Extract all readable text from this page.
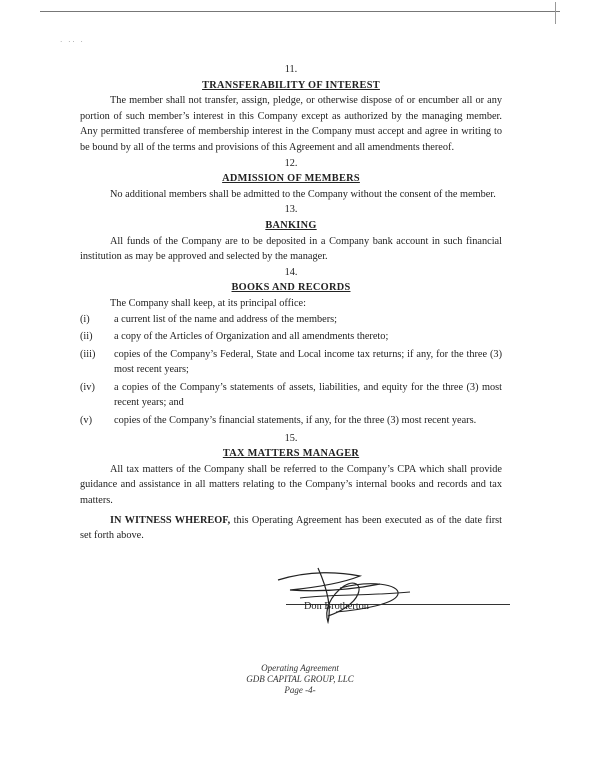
· ·· ·
11.
TRANSFERABILITY OF INTEREST

The member shall not transfer, assign, pledge, or otherwise dispose of or encumber all or any portion of such member’s interest in this Company except as authorized by the managing member. Any permitted transferee of membership interest in the Company must accept and agree in writing to be bound by all of the terms and provisions of this Agreement and all amendments thereof.

12.
ADMISSION OF MEMBERS

No additional members shall be admitted to the Company without the consent of the member.

13.
BANKING

All funds of the Company are to be deposited in a Company bank account in such financial institution as may be approved and selected by the manager.

14.
BOOKS AND RECORDS

The Company shall keep, at its principal office:

(i)	a current list of the name and address of the members;
(ii)	a copy of the Articles of Organization and all amendments thereto;
(iii)	copies of the Company’s Federal, State and Local income tax returns; if any, for the three (3) most recent years;
(iv)	a copies of the Company’s statements of assets, liabilities, and equity for the three (3) most recent years; and
(v)	copies of the Company’s financial statements, if any, for the three (3) most recent years.
15.
TAX MATTERS MANAGER

All tax matters of the Company shall be referred to the Company’s CPA which shall provide guidance and assistance in all matters relating to the Company’s internal books and records and tax matters.

IN WITNESS WHEREOF, this Operating Agreement has been executed as of the date first set forth above.

Don Brotherton
Operating Agreement
GDB CAPITAL GROUP, LLC
Page -4-
